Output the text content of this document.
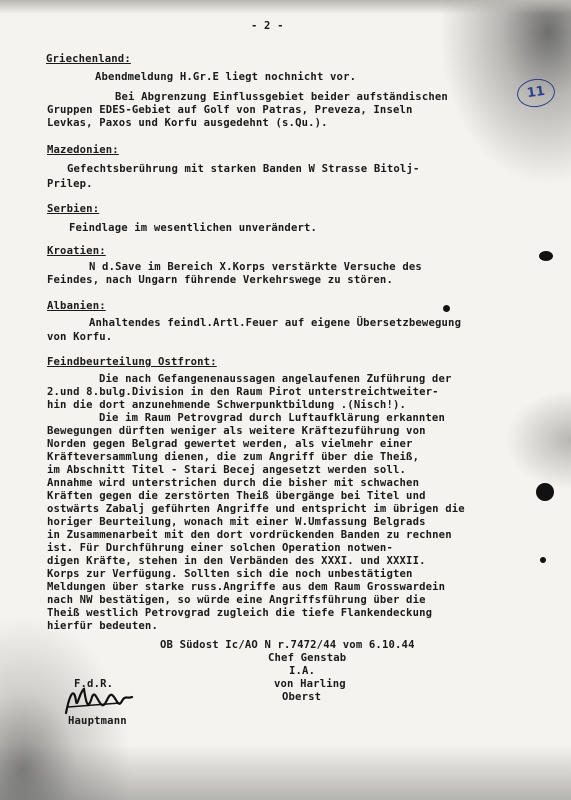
- 2 -
Griechenland:
Abendmeldung H.Gr.E liegt nochnicht vor.
Bei Abgrenzung Einflussgebiet beider aufständischen
Gruppen EDES-Gebiet auf Golf von Patras, Preveza, Inseln
Levkas, Paxos und Korfu ausgedehnt (s.Qu.).
Mazedonien:
Gefechtsberührung mit starken Banden W Strasse Bitolj-
Prilep.
Serbien:
Feindlage im wesentlichen unverändert.
Kroatien:
N d.Save im Bereich X.Korps verstärkte Versuche des
Feindes, nach Ungarn führende Verkehrswege zu stören.
Albanien:
Anhaltendes feindl.Artl.Feuer auf eigene Übersetzbewegung
von Korfu.
Feindbeurteilung Ostfront:
Die nach Gefangenenaussagen angelaufenen Zuführung der
2.und 8.bulg.Division in den Raum Pirot unterstreichtweiter-
hin die dort anzunehmende Schwerpunktbildung .(Nisch!).
Die im Raum Petrovgrad durch Luftaufklärung erkannten
Bewegungen dürften weniger als weitere Kräftezuführung von
Norden gegen Belgrad gewertet werden, als vielmehr einer
Kräfteversammlung dienen, die zum Angriff über die Theiß,
im Abschnitt Titel - Stari Becej angesetzt werden soll.
Annahme wird unterstrichen durch die bisher mit schwachen
Kräften gegen die zerstörten Theiß übergänge bei Titel und
ostwärts Zabalj geführten Angriffe und entspricht im übrigen die
horiger Beurteilung, wonach mit einer W.Umfassung Belgrads
in Zusammenarbeit mit den dort vordrückenden Banden zu rechnen
ist. Für Durchführung einer solchen Operation notwen-
digen Kräfte, stehen in den Verbänden des XXXI. und XXXII.
Korps zur Verfügung. Sollten sich die noch unbestätigten
Meldungen über starke russ.Angriffe aus dem Raum Grosswardein
nach NW bestätigen, so würde eine Angriffsführung über die
Theiß westlich Petrovgrad zugleich die tiefe Flankendeckung
hierfür bedeuten.
OB Südost Ic/AO N r.7472/44 vom 6.10.44
Chef Genstab
I.A.
von Harling
Oberst
F.d.R.
Hauptmann
11
